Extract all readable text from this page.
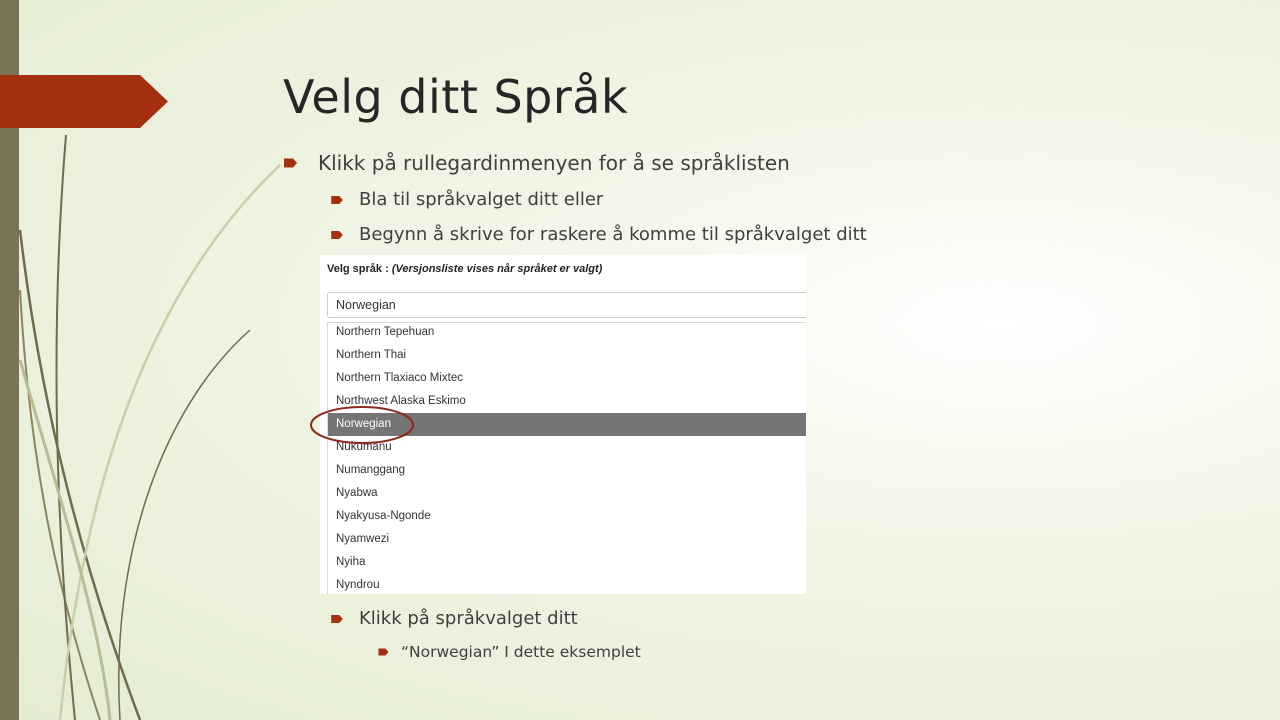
Velg ditt Språk
Klikk på rullegardinmenyen for å se språklisten
Bla til språkvalget ditt eller
Begynn å skrive for raskere å komme til språkvalget ditt
Velg språk : (Versjonsliste vises når språket er valgt)
Norwegian
Northern Tepehuan
Northern Thai
Northern Tlaxiaco Mixtec
Northwest Alaska Eskimo
Norwegian
Nukumanu
Numanggang
Nyabwa
Nyakyusa-Ngonde
Nyamwezi
Nyiha
Nyndrou
Klikk på språkvalget ditt
“Norwegian” I dette eksemplet
